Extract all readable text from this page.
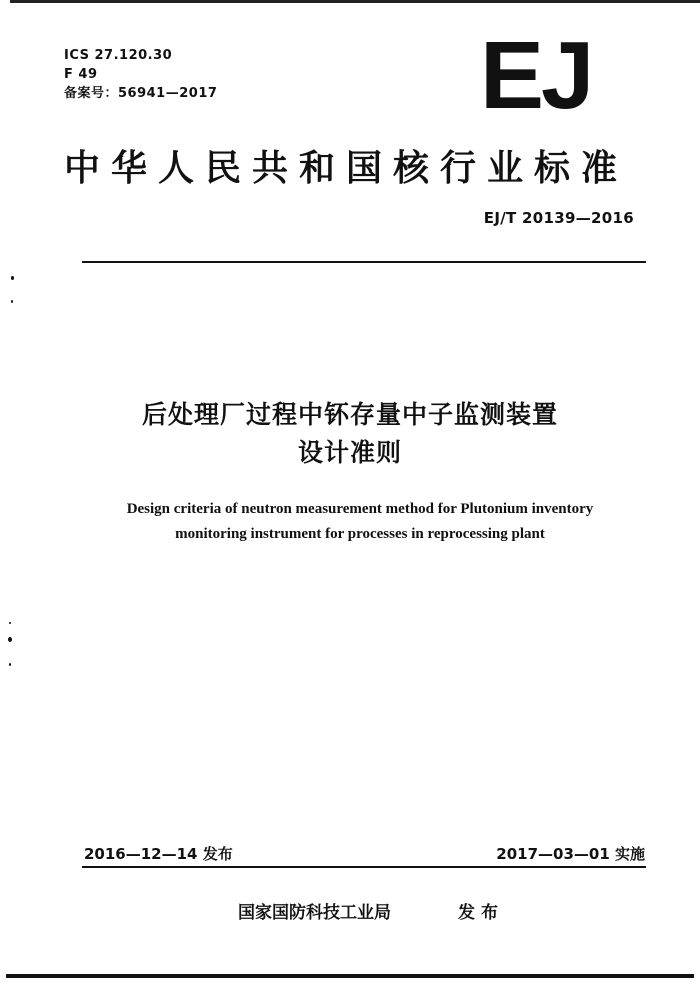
ICS 27.120.30
F 49
备案号：56941—2017	EJ
中华人民共和国核行业标准
EJ/T 20139—2016
后处理厂过程中钚存量中子监测装置
设计准则
Design criteria of neutron measurement method for Plutonium inventory
monitoring instrument for processes in reprocessing plant
2016—12—14 发布	2017—03—01 实施
国家国防科技工业局	发布
